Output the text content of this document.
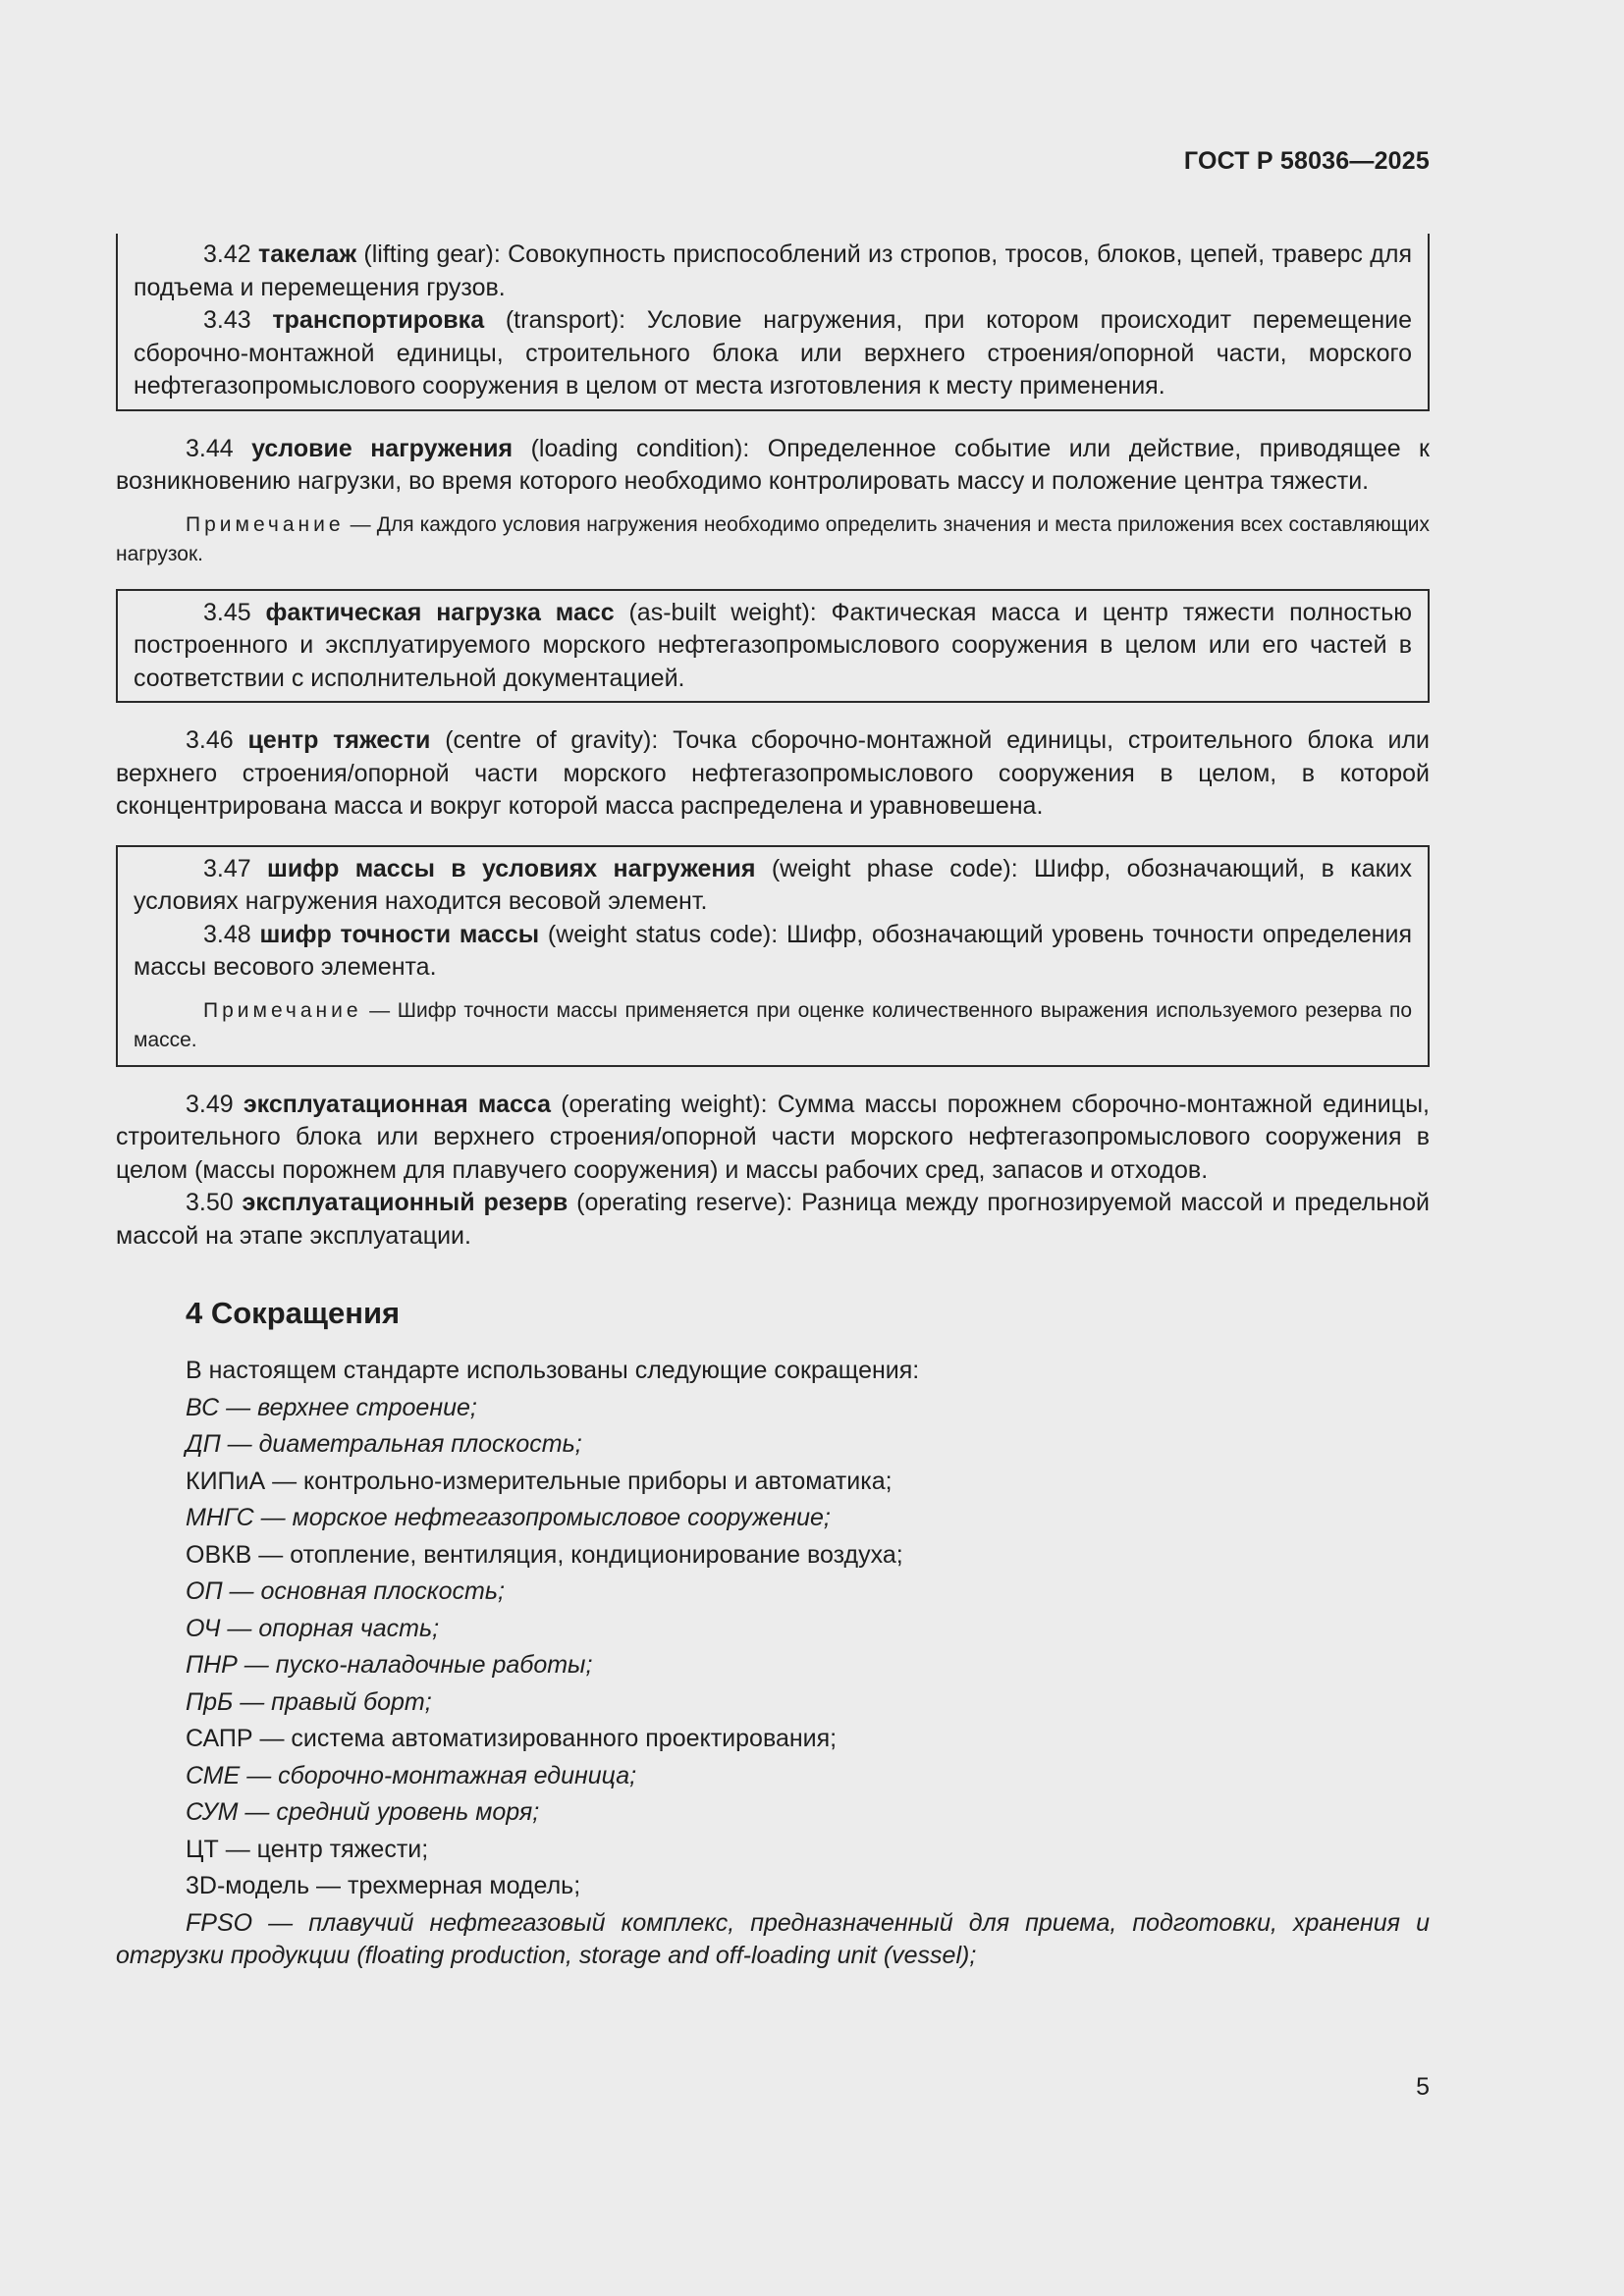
ГОСТ Р 58036—2025

3.42 такелаж (lifting gear): Совокупность приспособлений из стропов, тросов, блоков, цепей, траверс для подъема и перемещения грузов.

3.43 транспортировка (transport): Условие нагружения, при котором происходит перемещение сборочно-монтажной единицы, строительного блока или верхнего строения/опорной части, морского нефтегазопромыслового сооружения в целом от места изготовления к месту применения.

3.44 условие нагружения (loading condition): Определенное событие или действие, приводящее к возникновению нагрузки, во время которого необходимо контролировать массу и положение центра тяжести.

Примечание — Для каждого условия нагружения необходимо определить значения и места приложения всех составляющих нагрузок.

3.45 фактическая нагрузка масс (as-built weight): Фактическая масса и центр тяжести полностью построенного и эксплуатируемого морского нефтегазопромыслового сооружения в целом или его частей в соответствии с исполнительной документацией.

3.46 центр тяжести (centre of gravity): Точка сборочно-монтажной единицы, строительного блока или верхнего строения/опорной части морского нефтегазопромыслового сооружения в целом, в которой сконцентрирована масса и вокруг которой масса распределена и уравновешена.

3.47 шифр массы в условиях нагружения (weight phase code): Шифр, обозначающий, в каких условиях нагружения находится весовой элемент.

3.48 шифр точности массы (weight status code): Шифр, обозначающий уровень точности определения массы весового элемента.

Примечание — Шифр точности массы применяется при оценке количественного выражения используемого резерва по массе.

3.49 эксплуатационная масса (operating weight): Сумма массы порожнем сборочно-монтажной единицы, строительного блока или верхнего строения/опорной части морского нефтегазопромыслового сооружения в целом (массы порожнем для плавучего сооружения) и массы рабочих сред, запасов и отходов.

3.50 эксплуатационный резерв (operating reserve): Разница между прогнозируемой массой и предельной массой на этапе эксплуатации.

4 Сокращения
В настоящем стандарте использованы следующие сокращения:
ВС — верхнее строение;
ДП — диаметральная плоскость;
КИПиА — контрольно-измерительные приборы и автоматика;
МНГС — морское нефтегазопромысловое сооружение;
ОВКВ — отопление, вентиляция, кондиционирование воздуха;
ОП — основная плоскость;
ОЧ — опорная часть;
ПНР — пуско-наладочные работы;
ПрБ — правый борт;
САПР — система автоматизированного проектирования;
СМЕ — сборочно-монтажная единица;
СУМ — средний уровень моря;
ЦТ — центр тяжести;
3D-модель — трехмерная модель;

FPSO — плавучий нефтегазовый комплекс, предназначенный для приема, подготовки, хранения и отгрузки продукции (floating production, storage and off-loading unit (vessel);

5
